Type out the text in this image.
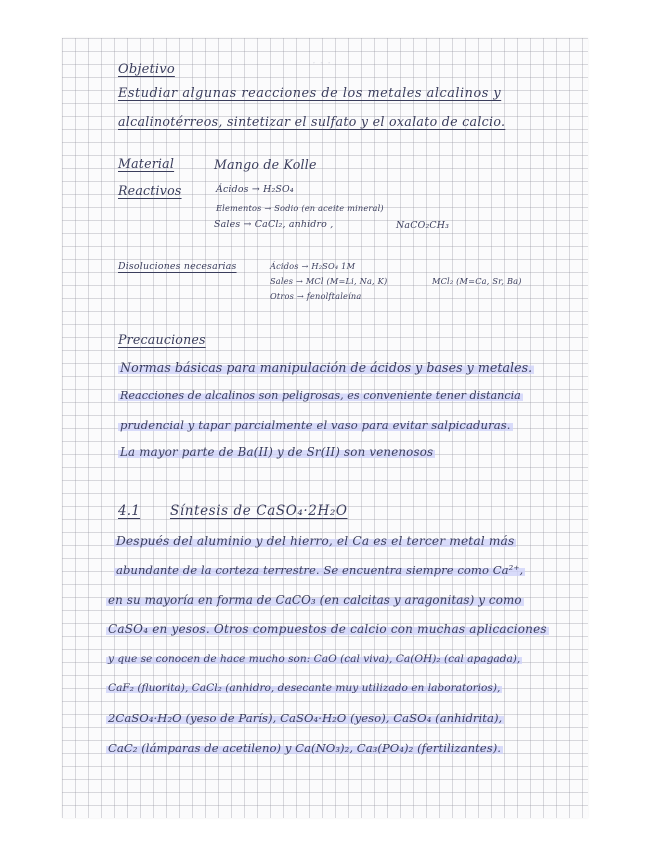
· · ·
Objetivo
Estudiar algunas reacciones de los metales alcalinos y
alcalinotérreos, sintetizar el sulfato y el oxalato de calcio.
Material	Mango de Kolle
Reactivos	Ácidos → H₂SO₄
Elementos → Sodio (en aceite mineral)
Sales → CaCl₂, anhidro ,	NaCO₂CH₃
Disoluciones necesarias	Ácidos → H₂SO₄ 1M
Sales → MCl (M=Li, Na, K)	MCl₂ (M=Ca, Sr, Ba)
Otros → fenolftaleína
Precauciones
Normas básicas para manipulación de ácidos y bases y metales.
Reacciones de alcalinos son peligrosas, es conveniente tener distancia
prudencial y tapar parcialmente el vaso para evitar salpicaduras.
La mayor parte de Ba(II) y de Sr(II) son venenosos
4.1 Síntesis de CaSO₄·2H₂O
Después del aluminio y del hierro, el Ca es el tercer metal más
abundante de la corteza terrestre. Se encuentra siempre como Ca²⁺,
en su mayoría en forma de CaCO₃ (en calcitas y aragonitas) y como
CaSO₄ en yesos. Otros compuestos de calcio con muchas aplicaciones
y que se conocen de hace mucho son: CaO (cal viva), Ca(OH)₂ (cal apagada),
CaF₂ (fluorita), CaCl₂ (anhidro, desecante muy utilizado en laboratorios),
2CaSO₄·H₂O (yeso de París), CaSO₄·H₂O (yeso), CaSO₄ (anhidrita),
CaC₂ (lámparas de acetileno) y Ca(NO₃)₂, Ca₃(PO₄)₂ (fertilizantes).
